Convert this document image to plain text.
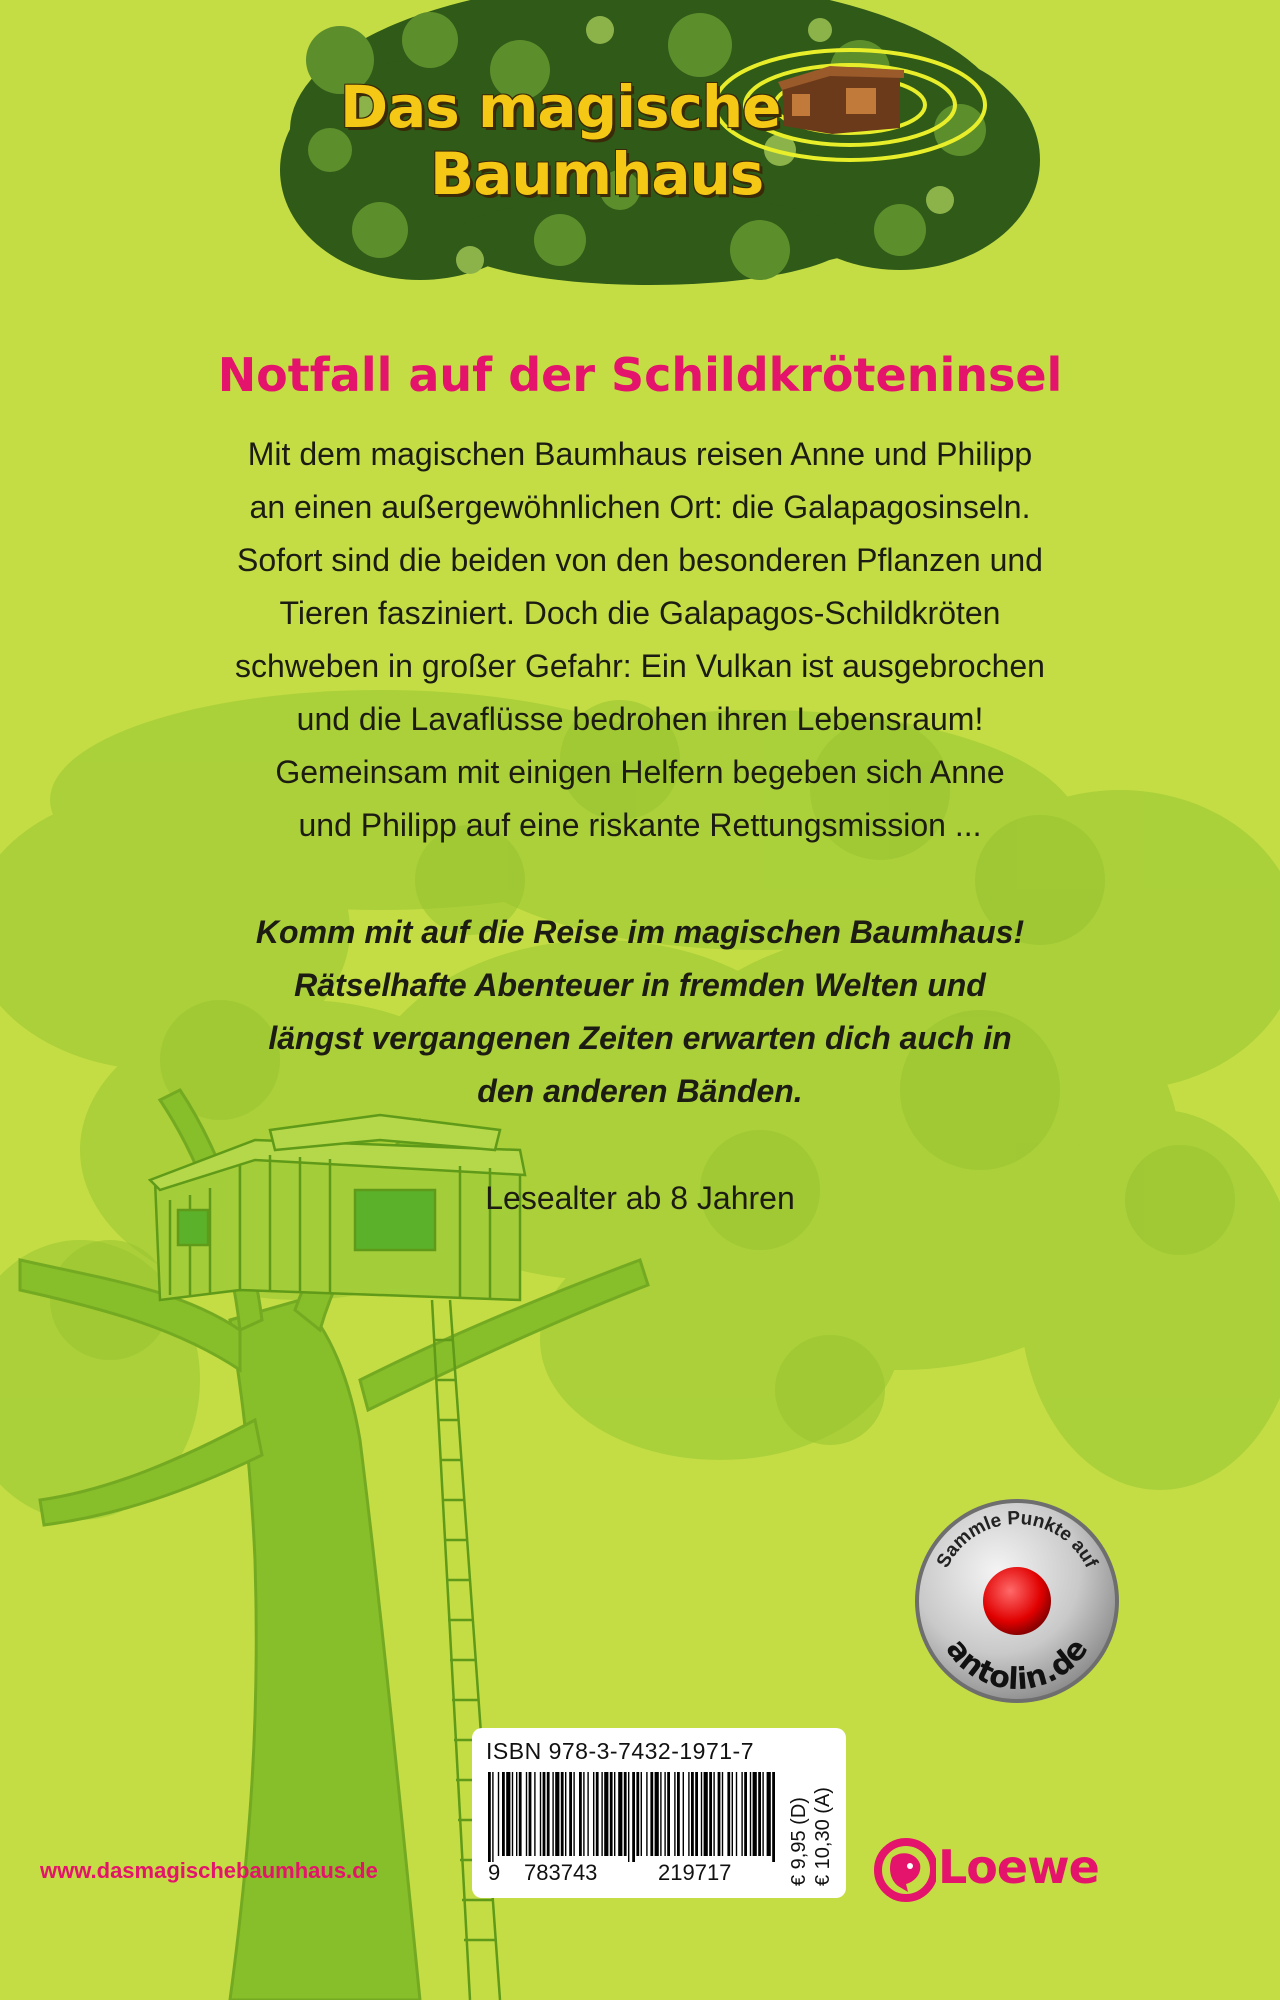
Das magische
Baumhaus
Notfall auf der Schildkröteninsel

Mit dem magischen Baumhaus reisen Anne und Philipp

an einen außergewöhnlichen Ort: die Galapagosinseln.

Sofort sind die beiden von den besonderen Pflanzen und

Tieren fasziniert. Doch die Galapagos-Schildkröten

schweben in großer Gefahr: Ein Vulkan ist ausgebrochen

und die Lavaflüsse bedrohen ihren Lebensraum!

Gemeinsam mit einigen Helfern begeben sich Anne

und Philipp auf eine riskante Rettungsmission ...

Komm mit auf die Reise im magischen Baumhaus!

Rätselhafte Abenteuer in fremden Welten und

längst vergangenen Zeiten erwarten dich auch in

den anderen Bänden.

Lesealter ab 8 Jahren
Sammle Punkte auf
antolin.de
ISBN 978-3-7432-1971-7
9 783743	219717	€ 9,95 (D) € 10,30 (A)
www.dasmagischebaumhaus.de	Loewe
